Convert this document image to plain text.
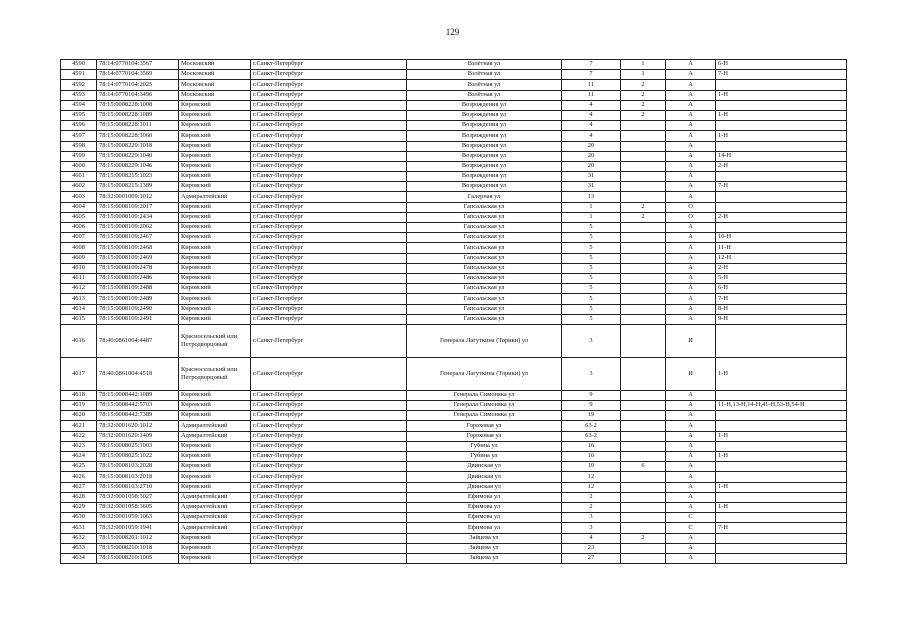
129
4590	78:14:0770104:3567	Московский	г.Санкт-Петербург	Взлётная ул	7	1	А	6-Н
4591	78:14:0770104:3569	Московский	г.Санкт-Петербург	Взлётная ул	7	1	А	7-Н
4592	78:14:0770104:2025	Московский	г.Санкт-Петербург	Взлётная ул	11	2	А	
4593	78:14:0770104:3496	Московский	г.Санкт-Петербург	Взлётная ул	11	2	А	1-Н
4594	78:15:0008228:1008	Кировский	г.Санкт-Петербург	Возрождения ул	4	2	А	
4595	78:15:0008228:1089	Кировский	г.Санкт-Петербург	Возрождения ул	4	2	А	1-Н
4596	78:15:0008228:1011	Кировский	г.Санкт-Петербург	Возрождения ул	4		А	
4597	78:15:0008228:1060	Кировский	г.Санкт-Петербург	Возрождения ул	4		А	1-Н
4598	78:15:0008229:1018	Кировский	г.Санкт-Петербург	Возрождения ул	20		А	
4599	78:15:0008229:1040	Кировский	г.Санкт-Петербург	Возрождения ул	20		А	14-Н
4600	78:15:0008229:1046	Кировский	г.Санкт-Петербург	Возрождения ул	20		А	2-Н
4601	78:15:0008215:1023	Кировский	г.Санкт-Петербург	Возрождения ул	31		А	
4602	78:15:0008215:1389	Кировский	г.Санкт-Петербург	Возрождения ул	31		А	7-Н
4603	78:32:0001009:1012	Адмиралтейский	г.Санкт-Петербург	Галерная ул	13		А	
4604	78:15:0008109:2017	Кировский	г.Санкт-Петербург	Гапсальская ул	1	2	О	
4605	78:15:0008109:2434	Кировский	г.Санкт-Петербург	Гапсальская ул	1	2	О	2-Н
4606	78:15:0008109:2062	Кировский	г.Санкт-Петербург	Гапсальская ул	5		А	
4607	78:15:0008109:2467	Кировский	г.Санкт-Петербург	Гапсальская ул	5		А	10-Н
4608	78:15:0008109:2468	Кировский	г.Санкт-Петербург	Гапсальская ул	5		А	11-Н
4609	78:15:0008109:2469	Кировский	г.Санкт-Петербург	Гапсальская ул	5		А	12-Н
4610	78:15:0008109:2478	Кировский	г.Санкт-Петербург	Гапсальская ул	5		А	2-Н
4611	78:15:0008109:2486	Кировский	г.Санкт-Петербург	Гапсальская ул	5		А	5-Н
4612	78:15:0008109:2488	Кировский	г.Санкт-Петербург	Гапсальская ул	5		А	6-Н
4613	78:15:0008109:2489	Кировский	г.Санкт-Петербург	Гапсальская ул	5		А	7-Н
4614	78:15:0008109:2490	Кировский	г.Санкт-Петербург	Гапсальская ул	5		А	8-Н
4615	78:15:0008109:2491	Кировский	г.Санкт-Петербург	Гапсальская ул	5		А	9-Н
4616	78:40:0861004:4487	Красносельский или Петродворцовый	г.Санкт-Петербург	Генерала Лагуткина (Торики) ул	3		И	
4617	78:40:0861004:4518	Красносельский или Петродворцовый	г.Санкт-Петербург	Генерала Лагуткина (Торики) ул	3		И	1-Н
4618	78:15:0008442:1089	Кировский	г.Санкт-Петербург	Генерала Симоняка ул	9		А	
4619	78:15:0008442:5703	Кировский	г.Санкт-Петербург	Генерала Симоняка ул	9		А	11-Н,13-Н,14-Н,41-Н,53-Н,54-Н
4620	78:15:0008442:7389	Кировский	г.Санкт-Петербург	Генерала Симоняка ул	19		А	
4621	78:32:0001620:1012	Адмиралтейский	г.Санкт-Петербург	Гороховая ул	63-2		А	
4622	78:32:0001620:1409	Адмиралтейский	г.Санкт-Петербург	Гороховая ул	63-2		А	1-Н
4623	78:15:0008025:1003	Кировский	г.Санкт-Петербург	Губина ул	16		А	
4624	78:15:0008025:1022	Кировский	г.Санкт-Петербург	Губина ул	16		А	1-Н
4625	78:15:0008103:2028	Кировский	г.Санкт-Петербург	Двинская ул	10	6	А	
4626	78:15:0008103:2018	Кировский	г.Санкт-Петербург	Двинская ул	12		А	
4627	78:15:0008103:2710	Кировский	г.Санкт-Петербург	Двинская ул	12		А	1-Н
4628	78:32:0001058:3027	Адмиралтейский	г.Санкт-Петербург	Ефимова ул	2		А	
4629	78:32:0001058:3605	Адмиралтейский	г.Санкт-Петербург	Ефимова ул	2		А	1-Н
4630	78:32:0001059:1063	Адмиралтейский	г.Санкт-Петербург	Ефимова ул	3		С	
4631	78:32:0001059:1941	Адмиралтейский	г.Санкт-Петербург	Ефимова ул	3		С	7-Н
4632	78:15:0008201:1012	Кировский	г.Санкт-Петербург	Зайцева ул	4	2	А	
4633	78:15:0008210:1018	Кировский	г.Санкт-Петербург	Зайцева ул	23		А	
4634	78:15:0008210:1005	Кировский	г.Санкт-Петербург	Зайцева ул	27		А	
